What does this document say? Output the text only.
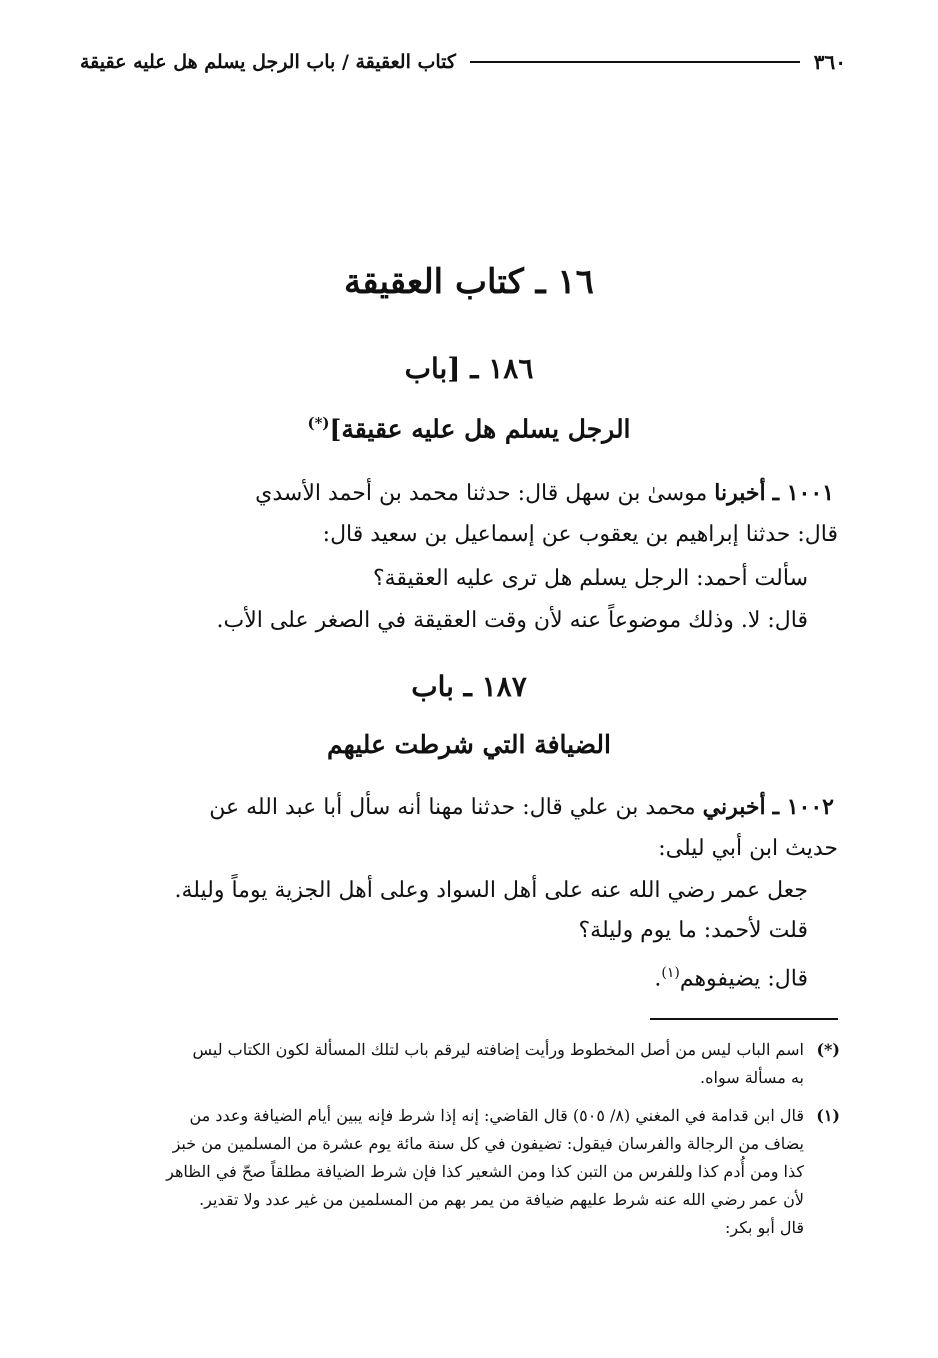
٣٦٠
كتاب العقيقة / باب الرجل يسلم هل عليه عقيقة
١٦ ـ كتاب العقيقة
١٨٦ ـ [باب
الرجل يسلم هل عليه عقيقة](*)

١٠٠١ ـ أخبرنا موسىٰ بن سهل قال: حدثنا محمد بن أحمد الأسدي

قال: حدثنا إبراهيم بن يعقوب عن إسماعيل بن سعيد قال:

سألت أحمد: الرجل يسلم هل ترى عليه العقيقة؟

قال: لا. وذلك موضوعاً عنه لأن وقت العقيقة في الصغر على الأب.

١٨٧ ـ باب
الضيافة التي شرطت عليهم

١٠٠٢ ـ أخبرني محمد بن علي قال: حدثنا مهنا أنه سأل أبا عبد الله عن

حديث ابن أبي ليلى:

جعل عمر رضي الله عنه على أهل السواد وعلى أهل الجزية يوماً وليلة.

قلت لأحمد: ما يوم وليلة؟

قال: يضيفوهم$^{(١)}$.

(*)اسم الباب ليس من أصل المخطوط ورأيت إضافته ليرقم باب لتلك المسألة لكون الكتاب ليس
به مسألة سواه.
(١)قال ابن قدامة في المغني (٨/ ٥٠٥) قال القاضي: إنه إذا شرط فإنه يبين أيام الضيافة وعدد من
يضاف من الرجالة والفرسان فيقول: تضيفون في كل سنة مائة يوم عشرة من المسلمين من خبز
كذا ومن أُدم كذا وللفرس من التبن كذا ومن الشعير كذا فإن شرط الضيافة مطلقاً صحّ في الظاهر
لأن عمر رضي الله عنه شرط عليهم ضيافة من يمر بهم من المسلمين من غير عدد ولا تقدير.
قال أبو بكر:
